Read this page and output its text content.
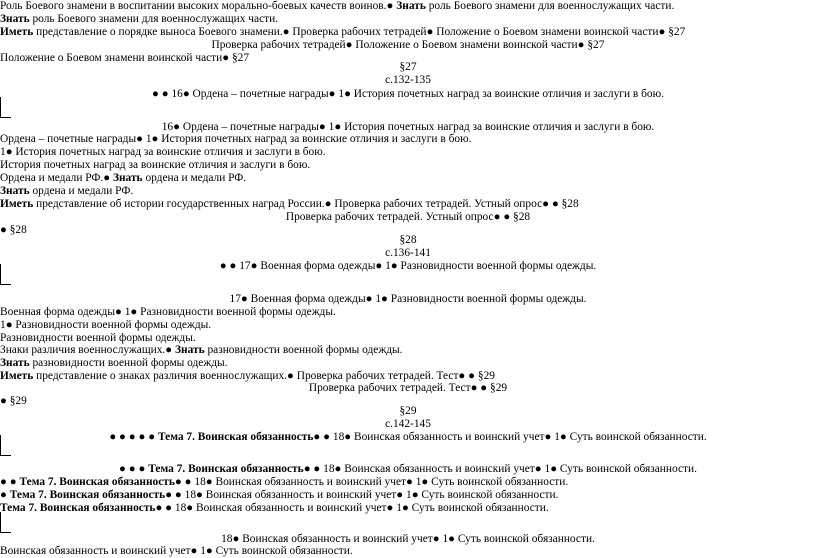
Роль Боевого знамени в воспитании высоких морально-боевых качеств воинов.● Знать роль Боевого знамени для военнослужащих части.
Знать роль Боевого знамени для военнослужащих части.
Иметь представление о порядке выноса Боевого знамени.● Проверка рабочих тетрадей● Положение о Боевом знамени воинской части● §27
Проверка рабочих тетрадей● Положение о Боевом знамени воинской части● §27
Положение о Боевом знамени воинской части● §27
§27
с.132-135
● ● 16● Ордена – почетные награды● 1● История почетных наград за воинские отличия и заслуги в бою.
16● Ордена – почетные награды● 1● История почетных наград за воинские отличия и заслуги в бою.
Ордена – почетные награды● 1● История почетных наград за воинские отличия и заслуги в бою.
1● История почетных наград за воинские отличия и заслуги в бою.
История почетных наград за воинские отличия и заслуги в бою.
Ордена и медали РФ.● Знать ордена и медали РФ.
Знать ордена и медали РФ.
Иметь представление об истории государственных наград России.● Проверка рабочих тетрадей. Устный опрос● ● §28
Проверка рабочих тетрадей. Устный опрос● ● §28
● §28
§28
с.136-141
● ● 17● Военная форма одежды● 1● Разновидности военной формы одежды.
17● Военная форма одежды● 1● Разновидности военной формы одежды.
Военная форма одежды● 1● Разновидности военной формы одежды.
1● Разновидности военной формы одежды.
Разновидности военной формы одежды.
Знаки различия военнослужащих.● Знать разновидности военной формы одежды.
Знать разновидности военной формы одежды.
Иметь представление о знаках различия военнослужащих.● Проверка рабочих тетрадей. Тест● ● §29
Проверка рабочих тетрадей. Тест● ● §29
● §29
§29
с.142-145
● ● ● ● ● Тема 7. Воинская обязанность● ● 18● Воинская обязанность и воинский учет● 1● Суть воинской обязанности.
● ● ● Тема 7. Воинская обязанность● ● 18● Воинская обязанность и воинский учет● 1● Суть воинской обязанности.
● ● Тема 7. Воинская обязанность● ● 18● Воинская обязанность и воинский учет● 1● Суть воинской обязанности.
● Тема 7. Воинская обязанность● ● 18● Воинская обязанность и воинский учет● 1● Суть воинской обязанности.
Тема 7. Воинская обязанность● ● 18● Воинская обязанность и воинский учет● 1● Суть воинской обязанности.
18● Воинская обязанность и воинский учет● 1● Суть воинской обязанности.
Воинская обязанность и воинский учет● 1● Суть воинской обязанности.
